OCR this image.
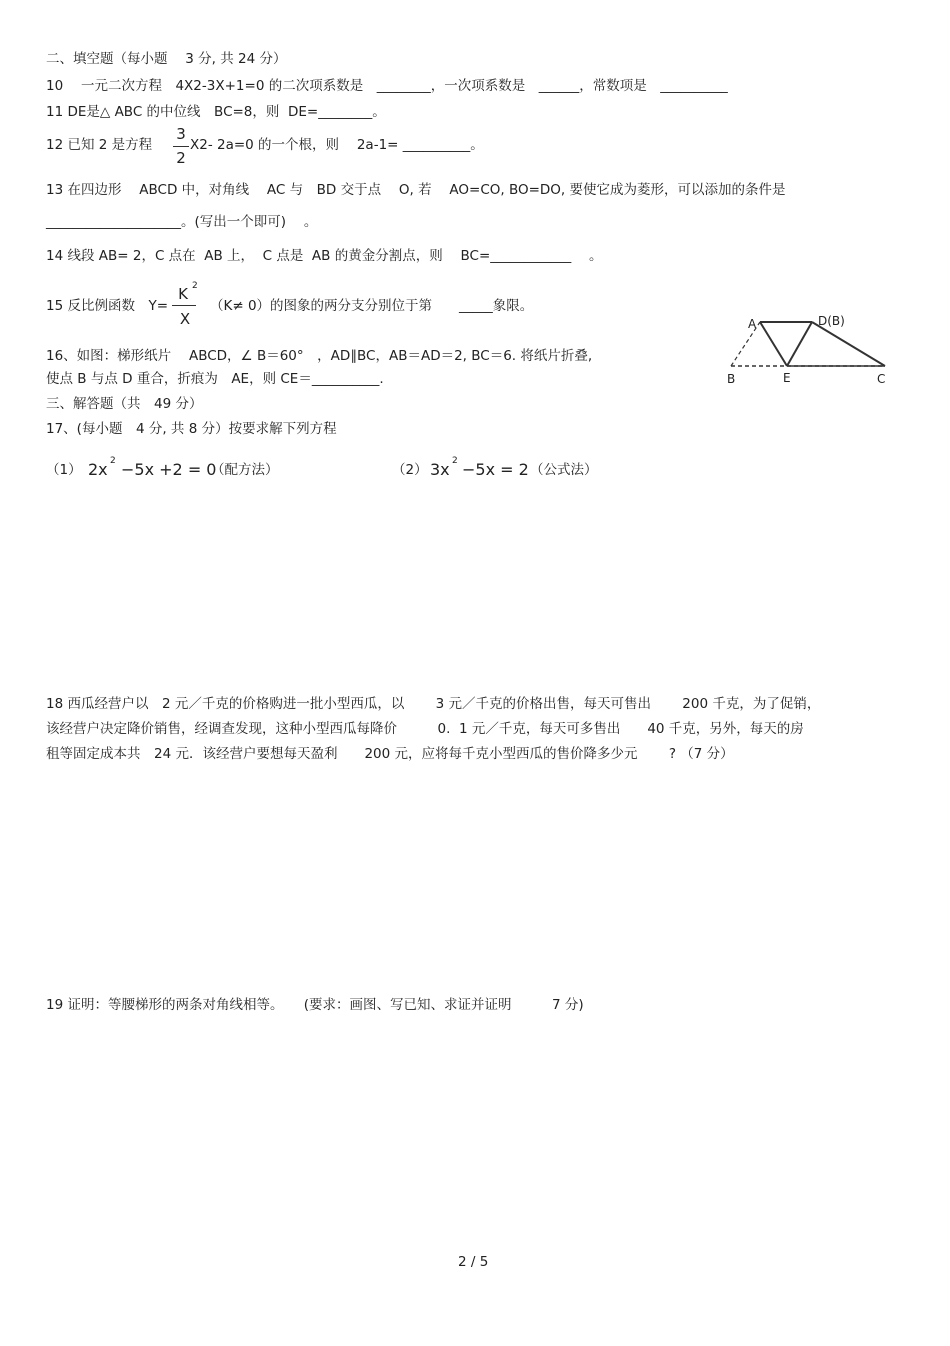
二、填空题（每小题　 3 分, 共 24 分）
10　 一元二次方程　4X2-3X+1=0 的二次项系数是　________，一次项系数是　______，常数项是　__________
11 DE是△ ABC 的中位线　BC=8，则  DE=________。
12 已知 2 是方程
3
2
X2- 2a=0 的一个根，则　 2a-1= __________。
13 在四边形　 ABCD 中，对角线　 AC 与　BD 交于点　 O, 若　 AO=CO, BO=DO, 要使它成为菱形，可以添加的条件是
____________________。(写出一个即可)　 。
14 线段 AB= 2，C 点在  AB 上，  C 点是  AB 的黄金分割点，则　 BC=____________　 。
15 反比例函数　Y=
K 2
X
（K≠ 0）的图象的两分支分别位于第　　_____象限。
16、如图：梯形纸片　 ABCD，∠ B＝60°　，AD∥BC，AB＝AD＝2, BC＝6. 将纸片折叠,
使点 B 与点 D 重合，折痕为　AE，则 CE＝__________.
A	D(B)
B	E	C
三、解答题（共　49 分）
17、(每小题　4 分, 共 8 分）按要求解下列方程
（1） 2x 2 −5x +2 = 0
（配方法）	（2） 3x 2 −5x = 2 （公式法）
18 西瓜经营户以　2 元／千克的价格购进一批小型西瓜，以　　 3 元／千克的价格出售，每天可售出　　 200 千克，为了促销，
该经营户决定降价销售，经调查发现，这种小型西瓜每降价　　　0.  1 元／千克，每天可多售出　　40 千克，另外，每天的房
租等固定成本共　24 元．该经营户要想每天盈利　　200 元，应将每千克小型西瓜的售价降多少元　　 ? （7 分）
19 证明：等腰梯形的两条对角线相等。　　(要求：画图、写已知、求证并证明　　　7 分)
2 / 5
